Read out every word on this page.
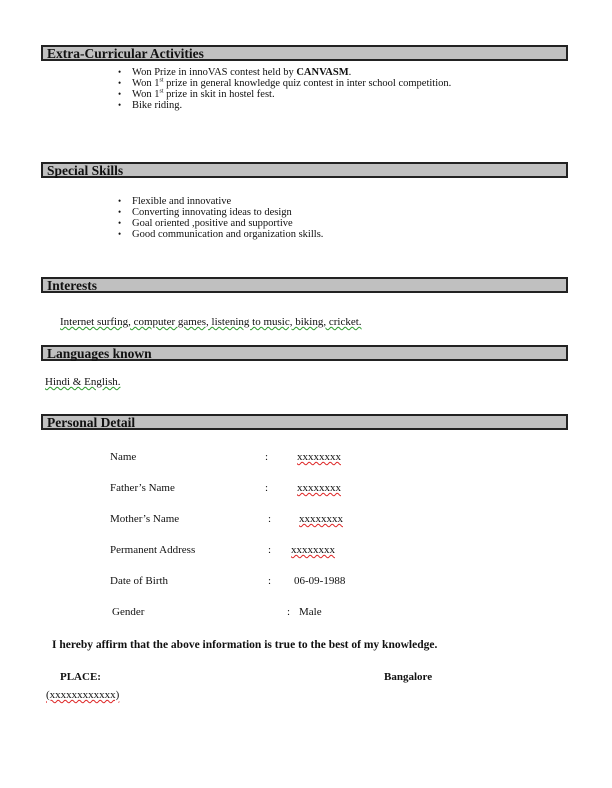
Extra-Curricular Activities
• Won Prize in innoVAS contest held by CANVASM.
• Won 1st prize in general knowledge quiz contest in inter school competition.
• Won 1st prize in skit in hostel fest.
• Bike riding.
Special Skills
• Flexible and innovative
• Converting innovating ideas to design
• Goal oriented ,positive and supportive
• Good communication and organization skills.
Interests
Internet surfing, computer games, listening to music, biking, cricket.
Languages known
Hindi & English.
Personal Detail
Name	:	xxxxxxxx
Father’s Name	:	xxxxxxxx
Mother’s Name	:	xxxxxxxx
Permanent Address	: xxxxxxxx
Date of Birth	: 06-09-1988
Gender	: Male
I hereby affirm that the above information is true to the best of my knowledge.
PLACE:	Bangalore
(xxxxxxxxxxxx)
